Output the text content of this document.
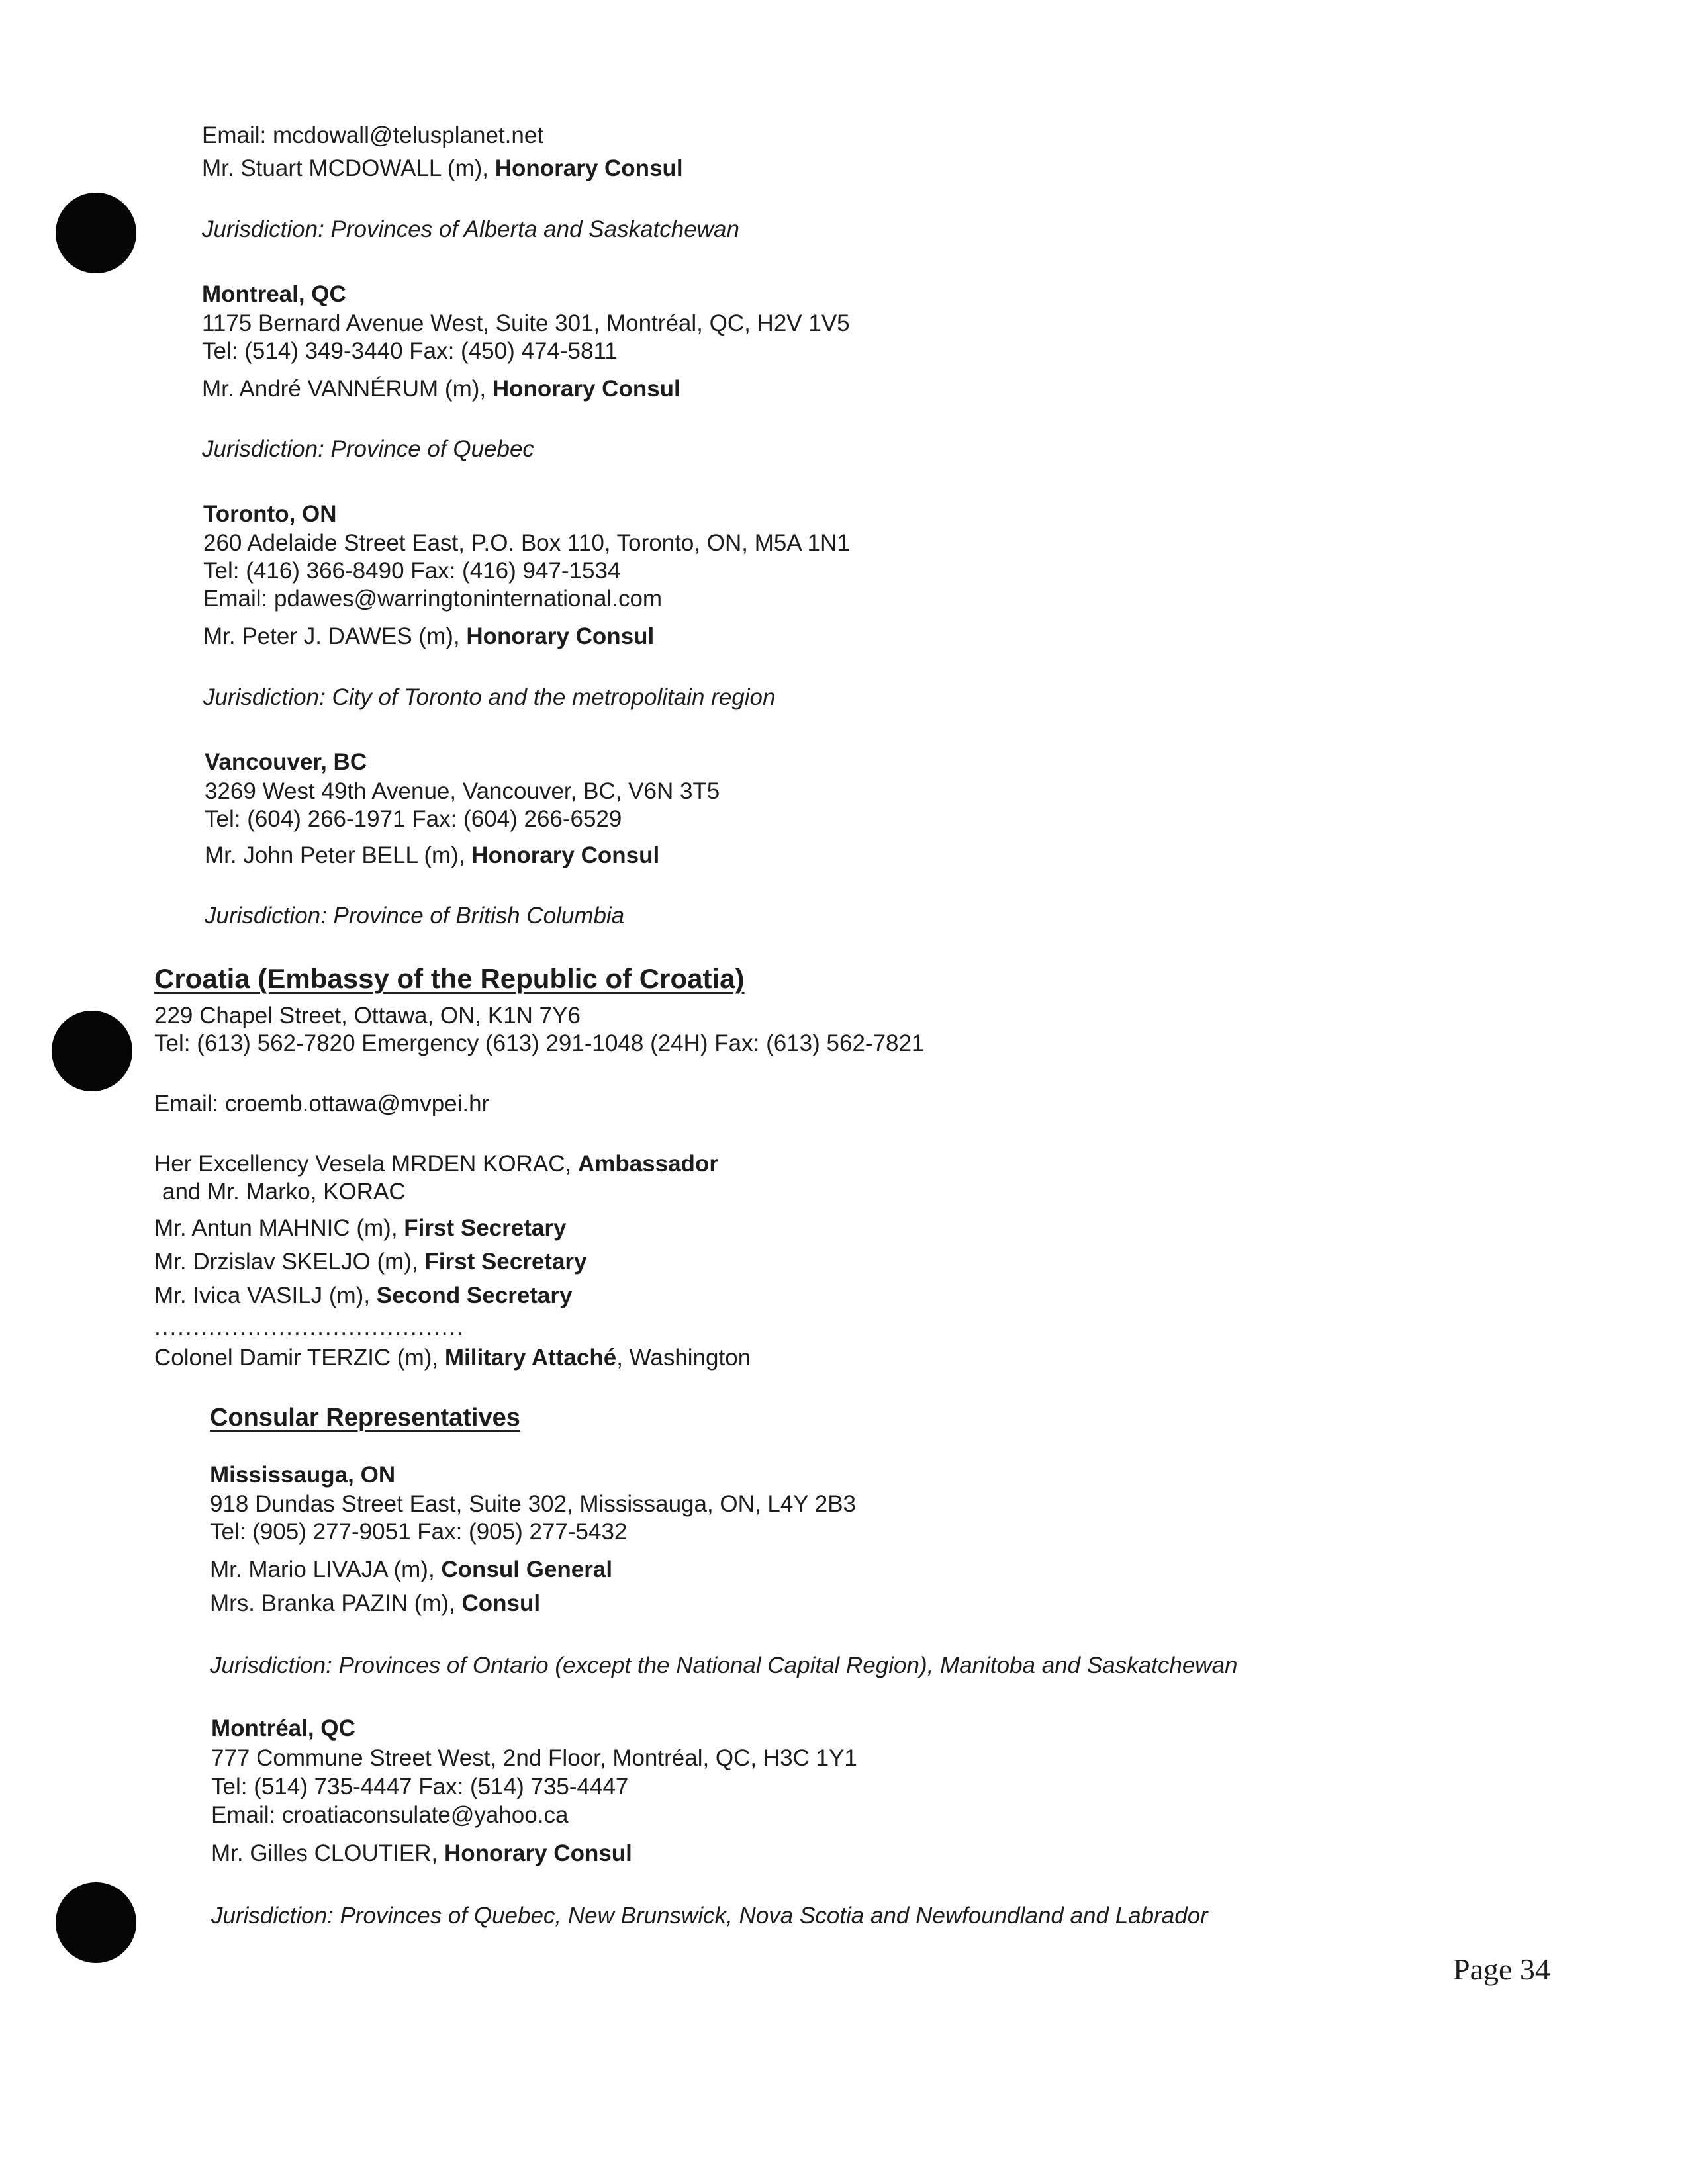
Email: mcdowall@telusplanet.net
Mr. Stuart MCDOWALL (m), Honorary Consul
Jurisdiction: Provinces of Alberta and Saskatchewan
Montreal, QC
1175 Bernard Avenue West, Suite 301, Montréal, QC, H2V 1V5
Tel: (514) 349-3440 Fax: (450) 474-5811
Mr. André VANNÉRUM (m), Honorary Consul
Jurisdiction: Province of Quebec
Toronto, ON
260 Adelaide Street East, P.O. Box 110, Toronto, ON, M5A 1N1
Tel: (416) 366-8490 Fax: (416) 947-1534
Email: pdawes@warringtoninternational.com
Mr. Peter J. DAWES (m), Honorary Consul
Jurisdiction: City of Toronto and the metropolitain region
Vancouver, BC
3269 West 49th Avenue, Vancouver, BC, V6N 3T5
Tel: (604) 266-1971 Fax: (604) 266-6529
Mr. John Peter BELL (m), Honorary Consul
Jurisdiction: Province of British Columbia
Croatia (Embassy of the Republic of Croatia)
229 Chapel Street, Ottawa, ON, K1N 7Y6
Tel: (613) 562-7820 Emergency (613) 291-1048 (24H) Fax: (613) 562-7821
Email: croemb.ottawa@mvpei.hr
Her Excellency Vesela MRDEN KORAC, Ambassador
and Mr. Marko, KORAC
Mr. Antun MAHNIC (m), First Secretary
Mr. Drzislav SKELJO (m), First Secretary
Mr. Ivica VASILJ (m), Second Secretary
........................................
Colonel Damir TERZIC (m), Military Attaché, Washington
Consular Representatives
Mississauga, ON
918 Dundas Street East, Suite 302, Mississauga, ON, L4Y 2B3
Tel: (905) 277-9051 Fax: (905) 277-5432
Mr. Mario LIVAJA (m), Consul General
Mrs. Branka PAZIN (m), Consul
Jurisdiction: Provinces of Ontario (except the National Capital Region), Manitoba and Saskatchewan
Montréal, QC
777 Commune Street West, 2nd Floor, Montréal, QC, H3C 1Y1
Tel: (514) 735-4447 Fax: (514) 735-4447
Email: croatiaconsulate@yahoo.ca
Mr. Gilles CLOUTIER, Honorary Consul
Jurisdiction: Provinces of Quebec, New Brunswick, Nova Scotia and Newfoundland and Labrador
Page 34
